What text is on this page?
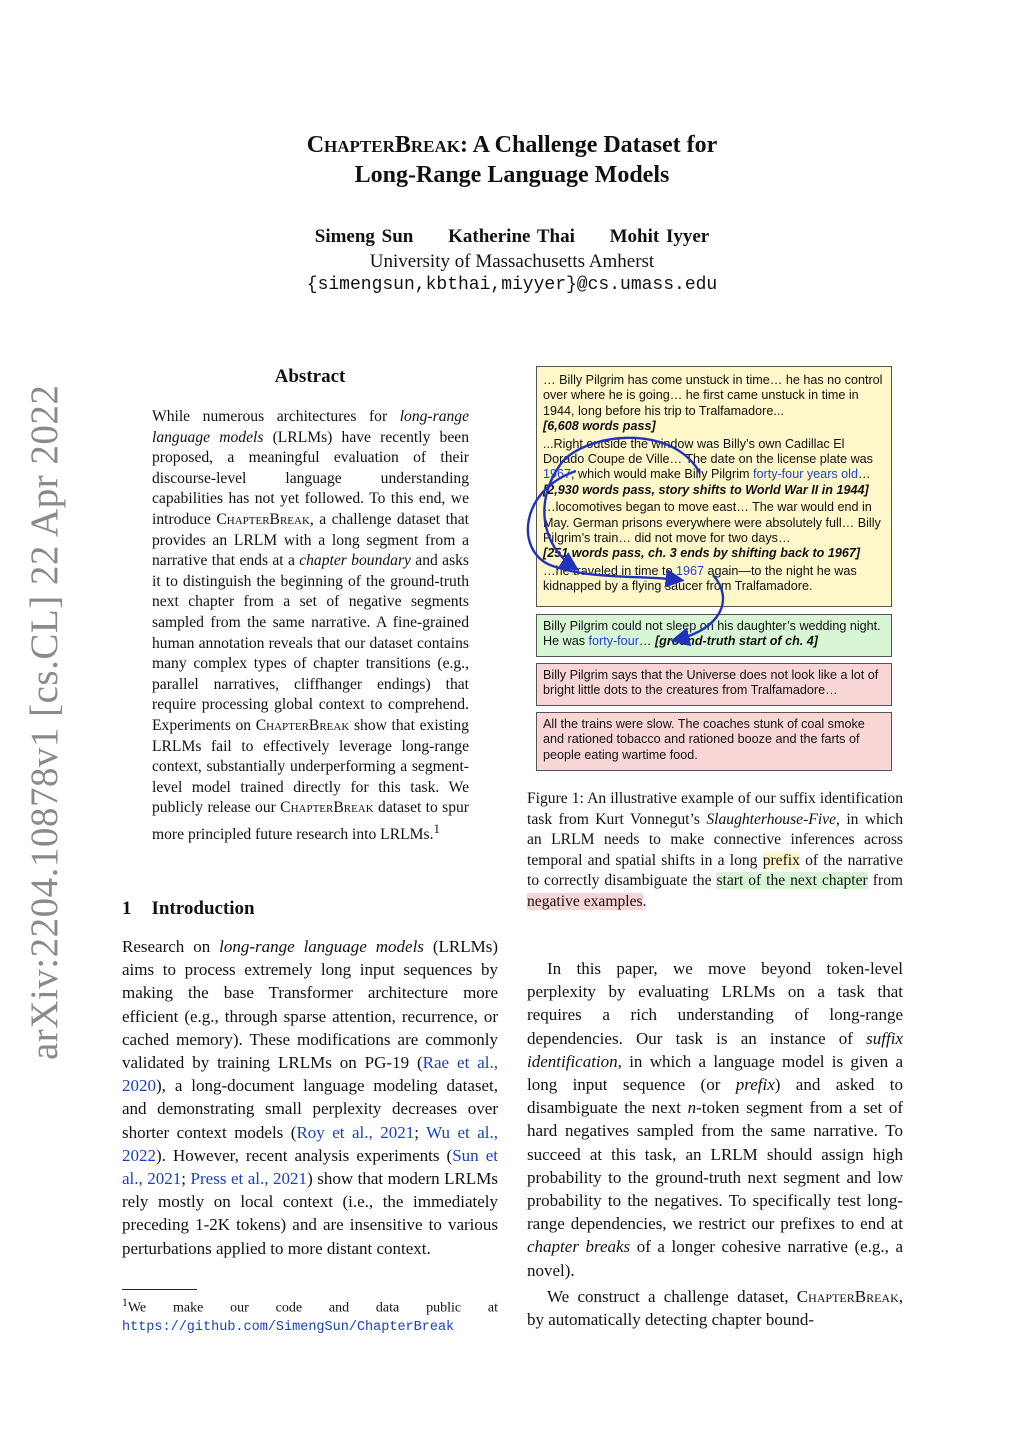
arXiv:2204.10878v1 [cs.CL] 22 Apr 2022
ChapterBreak: A Challenge Dataset for
Long-Range Language Models
Simeng Sun Katherine Thai Mohit Iyyer
University of Massachusetts Amherst
{simengsun,kbthai,miyyer}@cs.umass.edu
Abstract
While numerous architectures for long-range language models (LRLMs) have recently been proposed, a meaningful evaluation of their discourse-level language understanding capabilities has not yet followed. To this end, we introduce ChapterBreak, a challenge dataset that provides an LRLM with a long segment from a narrative that ends at a chapter boundary and asks it to distinguish the beginning of the ground-truth next chapter from a set of negative segments sampled from the same narrative. A fine-grained human annotation reveals that our dataset contains many complex types of chapter transitions (e.g., parallel narratives, cliffhanger endings) that require processing global context to comprehend. Experiments on ChapterBreak show that existing LRLMs fail to effectively leverage long-range context, substantially underperforming a segment-level model trained directly for this task. We publicly release our ChapterBreak dataset to spur more principled future research into LRLMs.$^1$
1 Introduction
Research on long-range language models (LRLMs) aims to process extremely long input sequences by making the base Transformer architecture more efficient (e.g., through sparse attention, recurrence, or cached memory). These modifications are commonly validated by training LRLMs on PG-19 (Rae et al., 2020), a long-document language modeling dataset, and demonstrating small perplexity decreases over shorter context models (Roy et al., 2021; Wu et al., 2022). However, recent analysis experiments (Sun et al., 2021; Press et al., 2021) show that modern LRLMs rely mostly on local context (i.e., the immediately preceding 1-2K tokens) and are insensitive to various perturbations applied to more distant context.
$^1$We make our code and data public at https://github.com/SimengSun/ChapterBreak
… Billy Pilgrim has come unstuck in time… he has no control over where he is going… he first came unstuck in time in 1944, long before his trip to Tralfamadore...
[6,608 words pass]
...Right outside the window was Billy’s own Cadillac El Dorado Coupe de Ville… The date on the license plate was 1967, which would make Billy Pilgrim forty-four years old…
[2,930 words pass, story shifts to World War II in 1944]
…locomotives began to move east… The war would end in May. German prisons everywhere were absolutely full… Billy Pilgrim’s train… did not move for two days…
[251 words pass, ch. 3 ends by shifting back to 1967]
…he traveled in time to 1967 again—to the night he was kidnapped by a flying saucer from Tralfamadore.
Billy Pilgrim could not sleep on his daughter’s wedding night. He was forty-four… [ground-truth start of ch. 4]
Billy Pilgrim says that the Universe does not look like a lot of bright little dots to the creatures from Tralfamadore…
All the trains were slow. The coaches stunk of coal smoke and rationed tobacco and rationed booze and the farts of people eating wartime food.
Figure 1: An illustrative example of our suffix identification task from Kurt Vonnegut’s Slaughterhouse-Five, in which an LRLM needs to make connective inferences across temporal and spatial shifts in a long prefix of the narrative to correctly disambiguate the start of the next chapter from negative examples.
In this paper, we move beyond token-level perplexity by evaluating LRLMs on a task that requires a rich understanding of long-range dependencies. Our task is an instance of suffix identification, in which a language model is given a long input sequence (or prefix) and asked to disambiguate the next n-token segment from a set of hard negatives sampled from the same narrative. To succeed at this task, an LRLM should assign high probability to the ground-truth next segment and low probability to the negatives. To specifically test long-range dependencies, we restrict our prefixes to end at chapter breaks of a longer cohesive narrative (e.g., a novel).
We construct a challenge dataset, ChapterBreak, by automatically detecting chapter bound-
